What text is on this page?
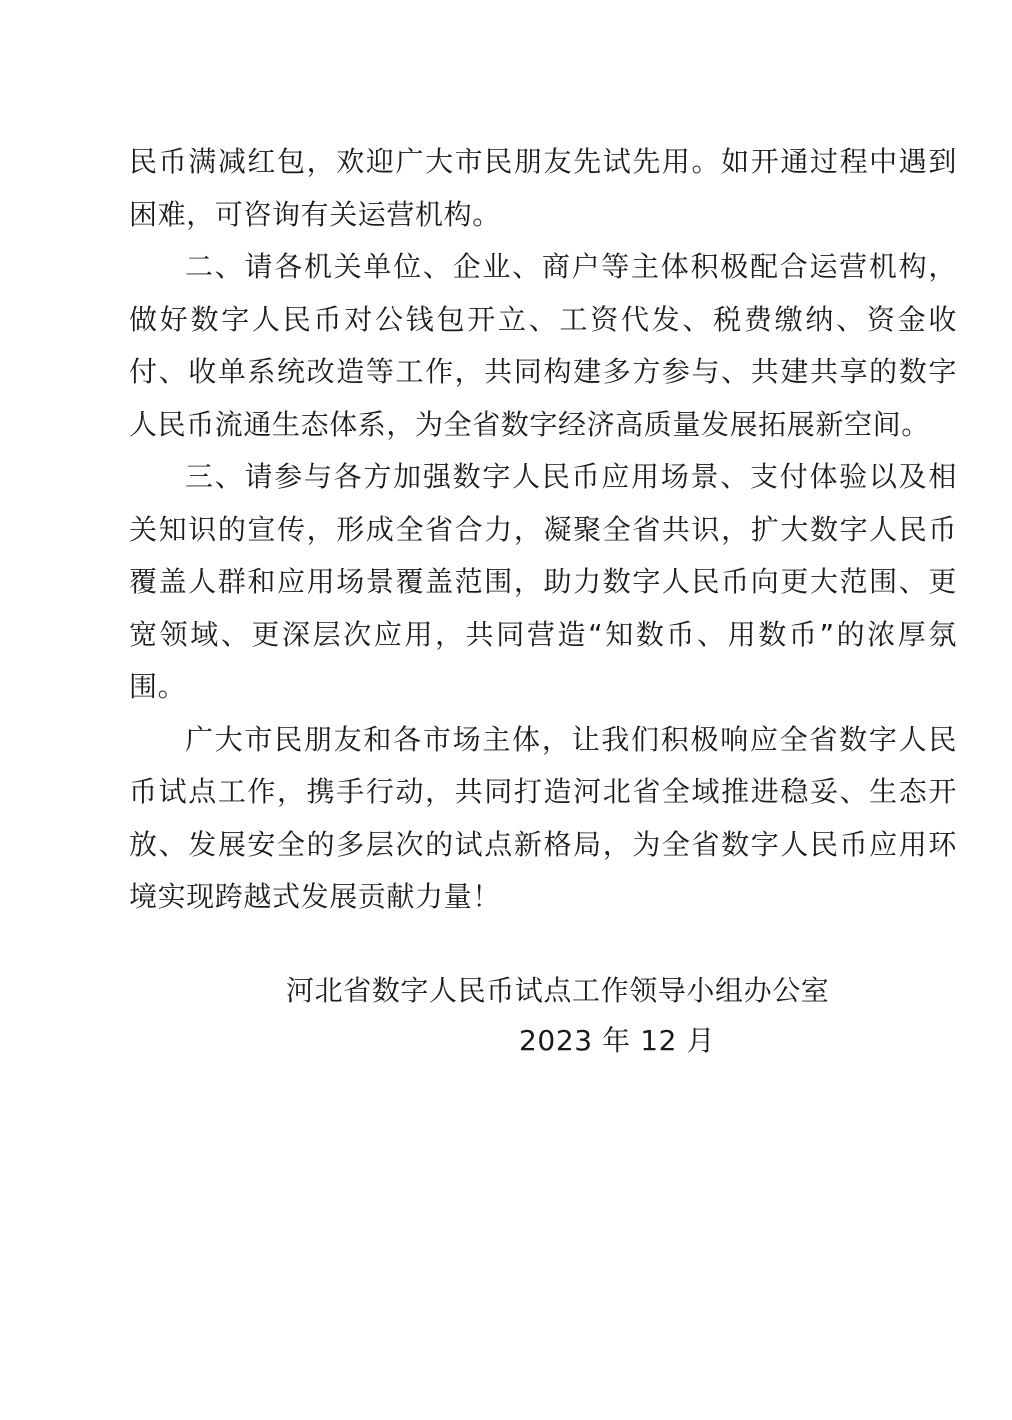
民币满减红包，欢迎广大市民朋友先试先用。如开通过程中遇到困难，可咨询有关运营机构。

二、请各机关单位、企业、商户等主体积极配合运营机构，做好数字人民币对公钱包开立、工资代发、税费缴纳、资金收付、收单系统改造等工作，共同构建多方参与、共建共享的数字人民币流通生态体系，为全省数字经济高质量发展拓展新空间。

三、请参与各方加强数字人民币应用场景、支付体验以及相关知识的宣传，形成全省合力，凝聚全省共识，扩大数字人民币覆盖人群和应用场景覆盖范围，助力数字人民币向更大范围、更宽领域、更深层次应用，共同营造“知数币、用数币”的浓厚氛围。

广大市民朋友和各市场主体，让我们积极响应全省数字人民币试点工作，携手行动，共同打造河北省全域推进稳妥、生态开放、发展安全的多层次的试点新格局，为全省数字人民币应用环境实现跨越式发展贡献力量！

河北省数字人民币试点工作领导小组办公室

2023 年 12 月
